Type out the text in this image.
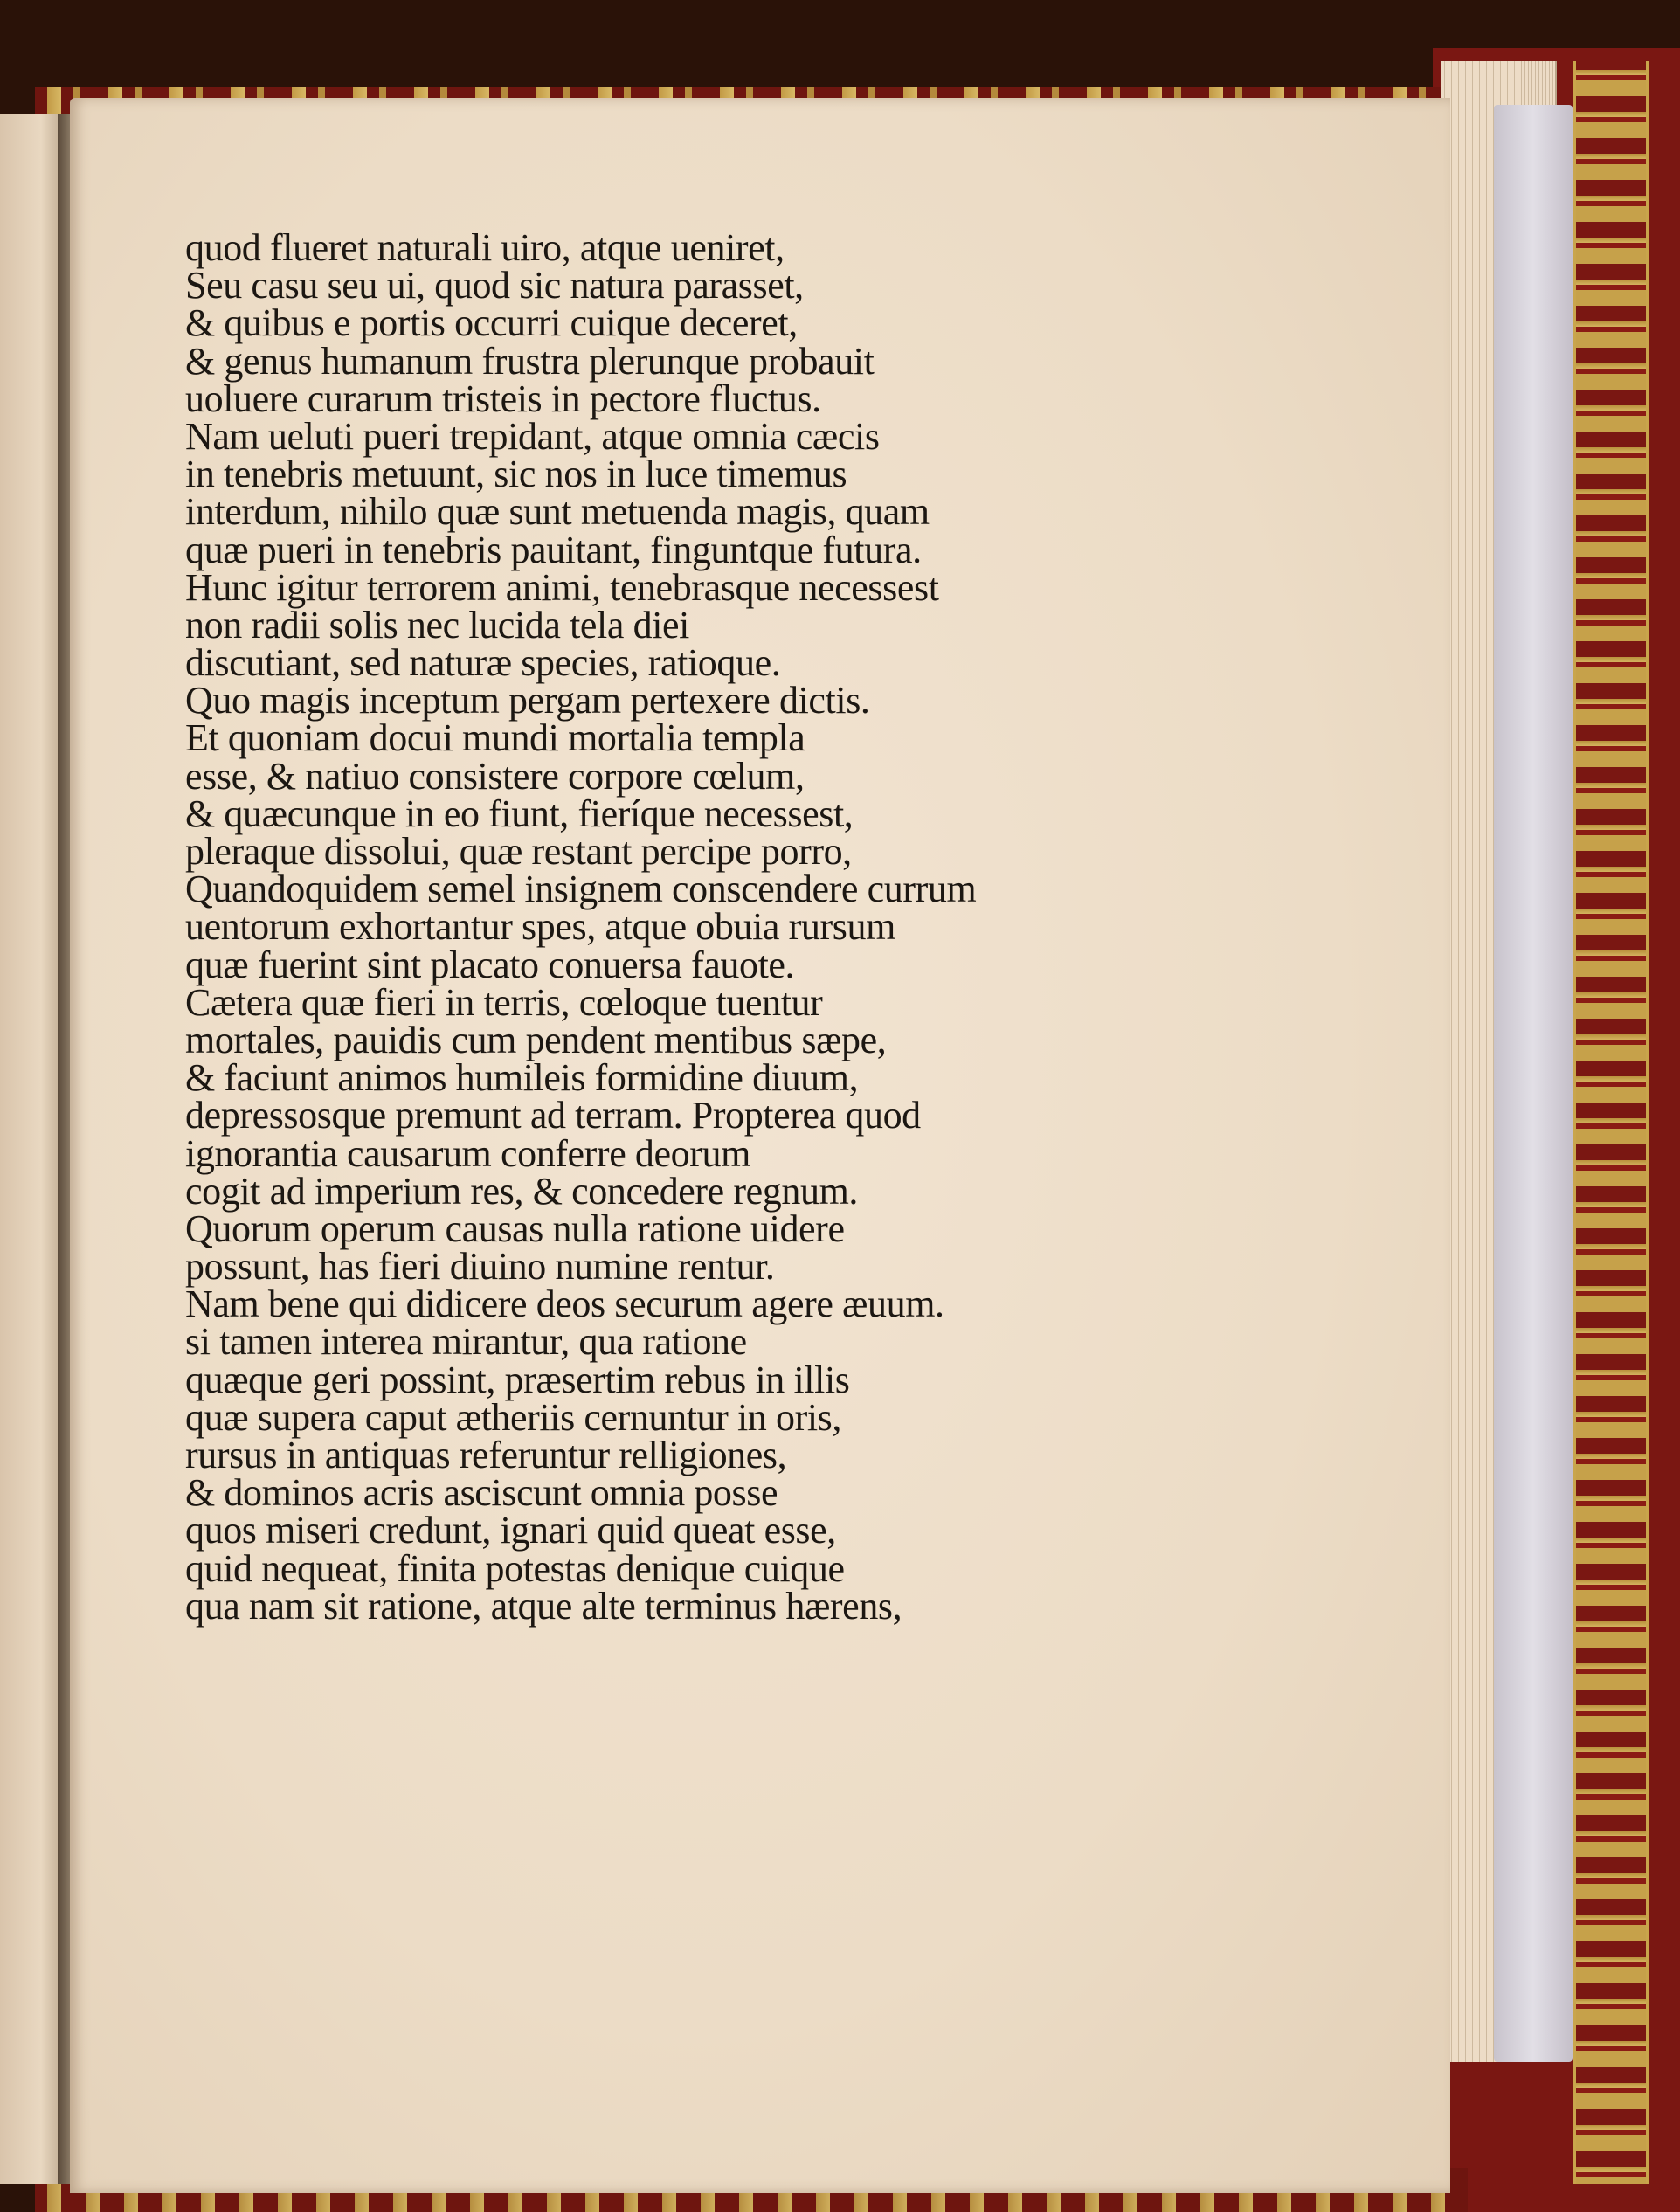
quod flueret naturali uiro, atque ueniret,
Seu casu seu ui, quod sic natura parasset,
& quibus e portis occurri cuique deceret,
& genus humanum frustra plerunque probauit
uoluere curarum tristeis in pectore fluctus.
Nam ueluti pueri trepidant, atque omnia cæcis
in tenebris metuunt, sic nos in luce timemus
interdum, nihilo quæ sunt metuenda magis, quam
quæ pueri in tenebris pauitant, finguntque futura.
Hunc igitur terrorem animi, tenebrasque necessest
non radii solis nec lucida tela diei
discutiant, sed naturæ species, ratioque.
Quo magis inceptum pergam pertexere dictis.
Et quoniam docui mundi mortalia templa
esse, & natiuo consistere corpore cœlum,
& quæcunque in eo fiunt, fieríque necessest,
pleraque dissolui, quæ restant percipe porro,
Quandoquidem semel insignem conscendere currum
uentorum exhortantur spes, atque obuia rursum
quæ fuerint sint placato conuersa fauote.
Cætera quæ fieri in terris, cœloque tuentur
mortales, pauidis cum pendent mentibus sæpe,
& faciunt animos humileis formidine diuum,
depressosque premunt ad terram. Propterea quod
ignorantia causarum conferre deorum
cogit ad imperium res, & concedere regnum.
Quorum operum causas nulla ratione uidere
possunt, has fieri diuino numine rentur.
Nam bene qui didicere deos securum agere æuum.
si tamen interea mirantur, qua ratione
quæque geri possint, præsertim rebus in illis
quæ supera caput ætheriis cernuntur in oris,
rursus in antiquas referuntur relligiones,
& dominos acris asciscunt omnia posse
quos miseri credunt, ignari quid queat esse,
quid nequeat, finita potestas denique cuique
qua nam sit ratione, atque alte terminus hærens,
